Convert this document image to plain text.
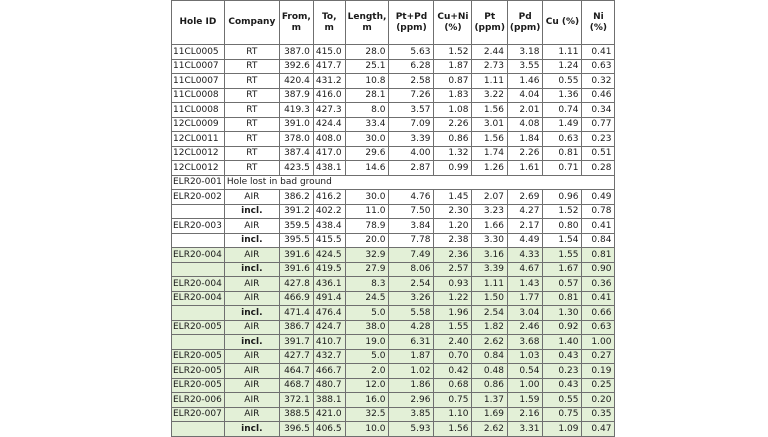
Hole ID	Company	From, m	To, m	Length, m	Pt+Pd (ppm)	Cu+Ni (%)	Pt (ppm)	Pd (ppm)	Cu (%)	Ni (%)
11CL0005	RT	387.0	415.0	28.0	5.63	1.52	2.44	3.18	1.11	0.41
11CL0007	RT	392.6	417.7	25.1	6.28	1.87	2.73	3.55	1.24	0.63
11CL0007	RT	420.4	431.2	10.8	2.58	0.87	1.11	1.46	0.55	0.32
11CL0008	RT	387.9	416.0	28.1	7.26	1.83	3.22	4.04	1.36	0.46
11CL0008	RT	419.3	427.3	8.0	3.57	1.08	1.56	2.01	0.74	0.34
12CL0009	RT	391.0	424.4	33.4	7.09	2.26	3.01	4.08	1.49	0.77
12CL0011	RT	378.0	408.0	30.0	3.39	0.86	1.56	1.84	0.63	0.23
12CL0012	RT	387.4	417.0	29.6	4.00	1.32	1.74	2.26	0.81	0.51
12CL0012	RT	423.5	438.1	14.6	2.87	0.99	1.26	1.61	0.71	0.28
ELR20-001	Hole lost in bad ground									
ELR20-002	AIR	386.2	416.2	30.0	4.76	1.45	2.07	2.69	0.96	0.49
	incl.	391.2	402.2	11.0	7.50	2.30	3.23	4.27	1.52	0.78
ELR20-003	AIR	359.5	438.4	78.9	3.84	1.20	1.66	2.17	0.80	0.41
	incl.	395.5	415.5	20.0	7.78	2.38	3.30	4.49	1.54	0.84
ELR20-004	AIR	391.6	424.5	32.9	7.49	2.36	3.16	4.33	1.55	0.81
	incl.	391.6	419.5	27.9	8.06	2.57	3.39	4.67	1.67	0.90
ELR20-004	AIR	427.8	436.1	8.3	2.54	0.93	1.11	1.43	0.57	0.36
ELR20-004	AIR	466.9	491.4	24.5	3.26	1.22	1.50	1.77	0.81	0.41
	incl.	471.4	476.4	5.0	5.58	1.96	2.54	3.04	1.30	0.66
ELR20-005	AIR	386.7	424.7	38.0	4.28	1.55	1.82	2.46	0.92	0.63
	incl.	391.7	410.7	19.0	6.31	2.40	2.62	3.68	1.40	1.00
ELR20-005	AIR	427.7	432.7	5.0	1.87	0.70	0.84	1.03	0.43	0.27
ELR20-005	AIR	464.7	466.7	2.0	1.02	0.42	0.48	0.54	0.23	0.19
ELR20-005	AIR	468.7	480.7	12.0	1.86	0.68	0.86	1.00	0.43	0.25
ELR20-006	AIR	372.1	388.1	16.0	2.96	0.75	1.37	1.59	0.55	0.20
ELR20-007	AIR	388.5	421.0	32.5	3.85	1.10	1.69	2.16	0.75	0.35
	incl.	396.5	406.5	10.0	5.93	1.56	2.62	3.31	1.09	0.47
